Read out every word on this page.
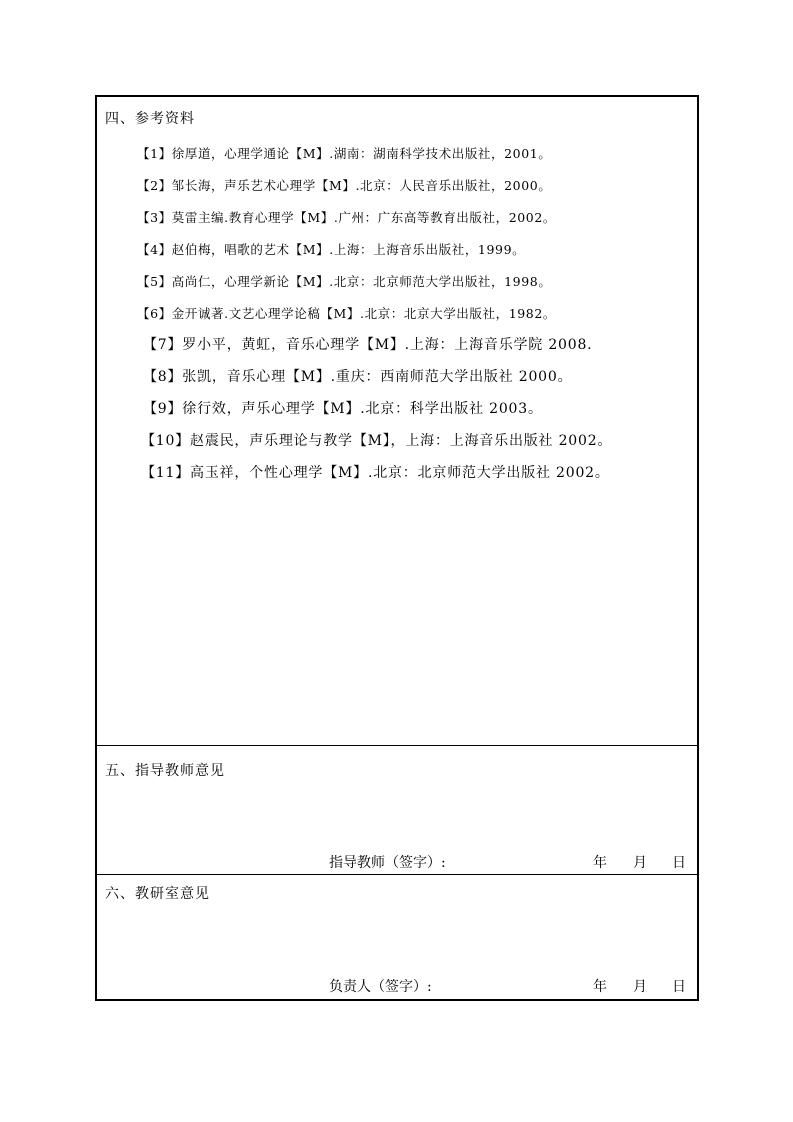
四、参考资料
【1】徐厚道，心理学通论【M】.湖南：湖南科学技术出版社，2001。
【2】邹长海，声乐艺术心理学【M】.北京：人民音乐出版社，2000。
【3】莫雷主编.教育心理学【M】.广州：广东高等教育出版社，2002。
【4】赵伯梅，唱歌的艺术【M】.上海：上海音乐出版社，1999。
【5】高尚仁，心理学新论【M】.北京：北京师范大学出版社，1998。
【6】金开诚著.文艺心理学论稿【M】.北京：北京大学出版社，1982。
【7】罗小平，黄虹，音乐心理学【M】.上海：上海音乐学院 2008.
【8】张凯，音乐心理【M】.重庆：西南师范大学出版社 2000。
【9】徐行效，声乐心理学【M】.北京：科学出版社 2003。
【10】赵震民，声乐理论与教学【M】，上海：上海音乐出版社 2002。
【11】高玉祥，个性心理学【M】.北京：北京师范大学出版社 2002。
五、指导教师意见
指导教师（签字）:	年 月 日
六、教研室意见
负责人（签字）:	年 月 日
